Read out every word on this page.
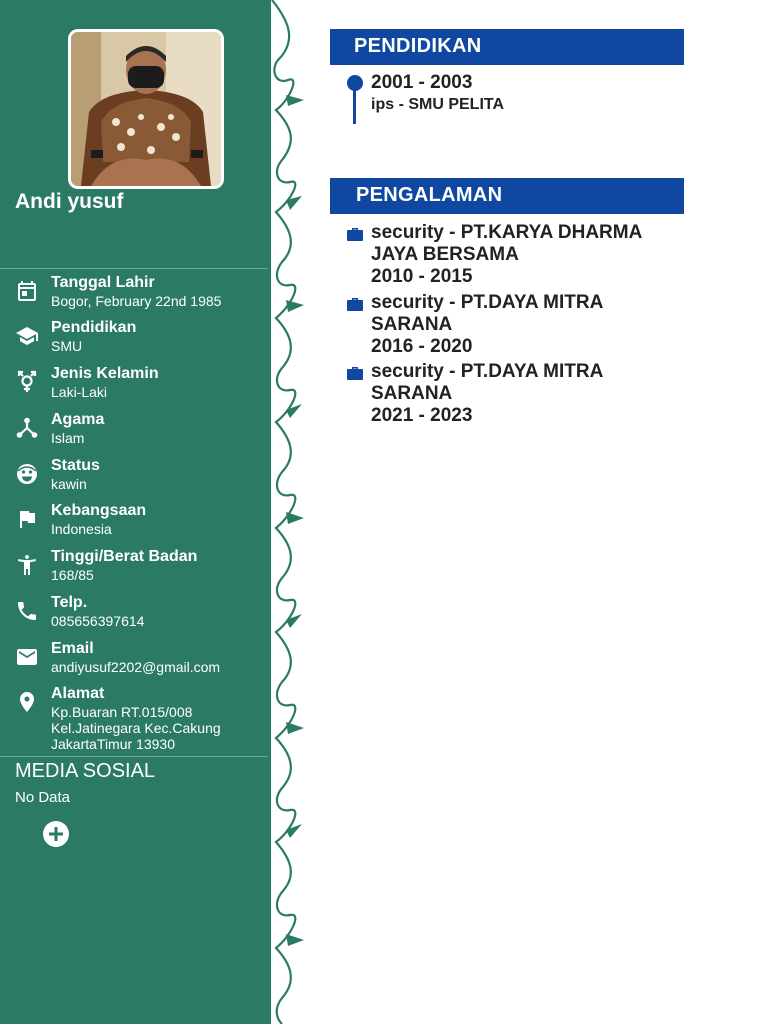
Andi yusuf
Tanggal Lahir
Bogor, February 22nd 1985
Pendidikan
SMU
Jenis Kelamin
Laki-Laki
Agama
Islam
Status
kawin
Kebangsaan
Indonesia
Tinggi/Berat Badan
168/85
Telp.
085656397614
Email
andiyusuf2202@gmail.com
Alamat
Kp.Buaran RT.015/008 Kel.Jatinegara Kec.Cakung JakartaTimur 13930
MEDIA SOSIAL
No Data
PENDIDIKAN
2001 - 2003
ips - SMU PELITA
PENGALAMAN
security - PT.KARYA DHARMA JAYA BERSAMA
2010 - 2015
security - PT.DAYA MITRA SARANA
2016 - 2020
security - PT.DAYA MITRA SARANA
2021 - 2023
